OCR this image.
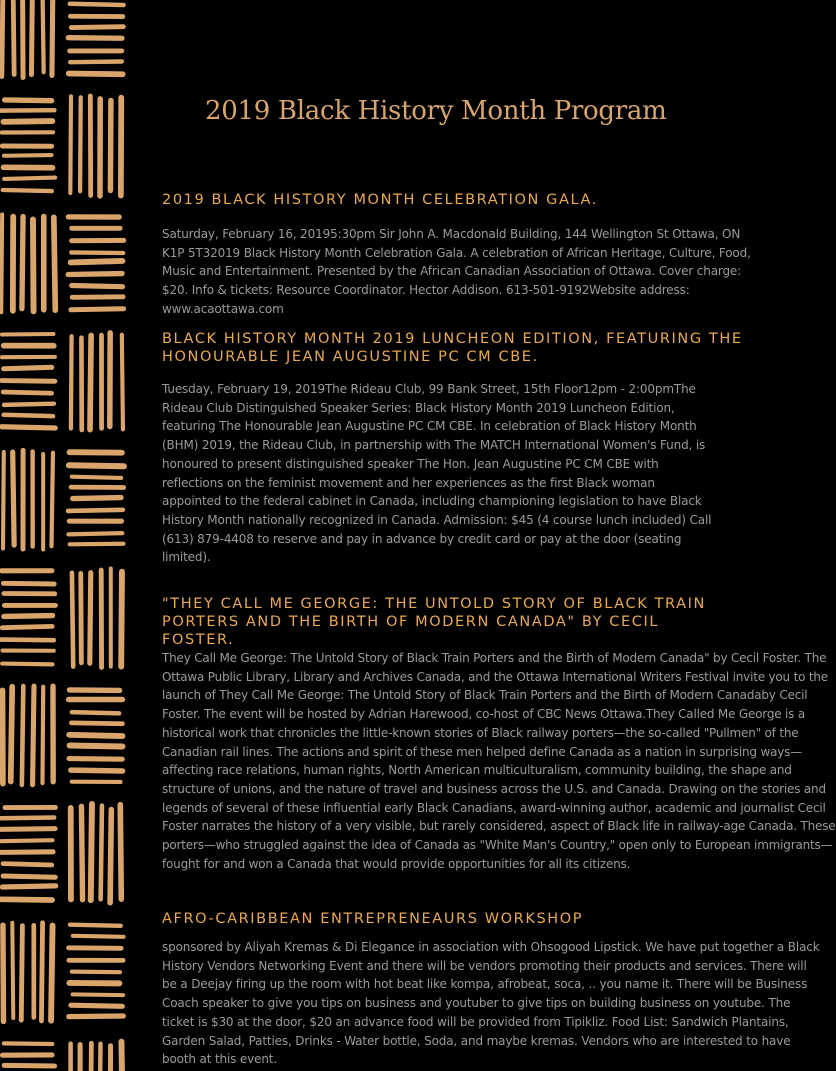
2019 Black History Month Program
2019 BLACK HISTORY MONTH CELEBRATION GALA.

Saturday, February 16, 20195:30pm Sir John A. Macdonald Building, 144 Wellington St Ottawa, ON K1P 5T32019 Black History Month Celebration Gala. A celebration of African Heritage, Culture, Food, Music and Entertainment. Presented by the African Canadian Association of Ottawa. Cover charge: $20. Info & tickets: Resource Coordinator. Hector Addison. 613-501-9192Website address: www.acaottawa.com

BLACK HISTORY MONTH 2019 LUNCHEON EDITION, FEATURING THE HONOURABLE JEAN AUGUSTINE PC CM CBE.

Tuesday, February 19, 2019The Rideau Club, 99 Bank Street, 15th Floor12pm - 2:00pmThe Rideau Club Distinguished Speaker Series: Black History Month 2019 Luncheon Edition, featuring The Honourable Jean Augustine PC CM CBE. In celebration of Black History Month (BHM) 2019, the Rideau Club, in partnership with The MATCH International Women's Fund, is honoured to present distinguished speaker The Hon. Jean Augustine PC CM CBE with reflections on the feminist movement and her experiences as the first Black woman appointed to the federal cabinet in Canada, including championing legislation to have Black History Month nationally recognized in Canada. Admission: $45 (4 course lunch included) Call (613) 879-4408 to reserve and pay in advance by credit card or pay at the door (seating limited).

"THEY CALL ME GEORGE: THE UNTOLD STORY OF BLACK TRAIN PORTERS AND THE BIRTH OF MODERN CANADA" BY CECIL FOSTER.

They Call Me George: The Untold Story of Black Train Porters and the Birth of Modern Canada" by Cecil Foster. The Ottawa Public Library, Library and Archives Canada, and the Ottawa International Writers Festival invite you to the launch of They Call Me George: The Untold Story of Black Train Porters and the Birth of Modern Canadaby Cecil Foster. The event will be hosted by Adrian Harewood, co-host of CBC News Ottawa.They Called Me George is a historical work that chronicles the little-known stories of Black railway porters—the so-called "Pullmen" of the Canadian rail lines. The actions and spirit of these men helped define Canada as a nation in surprising ways—affecting race relations, human rights, North American multiculturalism, community building, the shape and structure of unions, and the nature of travel and business across the U.S. and Canada. Drawing on the stories and legends of several of these influential early Black Canadians, award-winning author, academic and journalist Cecil Foster narrates the history of a very visible, but rarely considered, aspect of Black life in railway-age Canada. These porters—who struggled against the idea of Canada as "White Man's Country," open only to European immigrants—fought for and won a Canada that would provide opportunities for all its citizens.

AFRO-CARIBBEAN ENTREPRENEAURS WORKSHOP

sponsored by Aliyah Kremas & Di Elegance in association with Ohsogood Lipstick. We have put together a Black History Vendors Networking Event and there will be vendors promoting their products and services. There will be a Deejay firing up the room with hot beat like kompa, afrobeat, soca, .. you name it. There will be Business Coach speaker to give you tips on business and youtuber to give tips on building business on youtube. The ticket is $30 at the door, $20 an advance food will be provided from Tipikliz. Food List: Sandwich Plantains, Garden Salad, Patties, Drinks - Water bottle, Soda, and maybe kremas. Vendors who are interested to have booth at this event.
